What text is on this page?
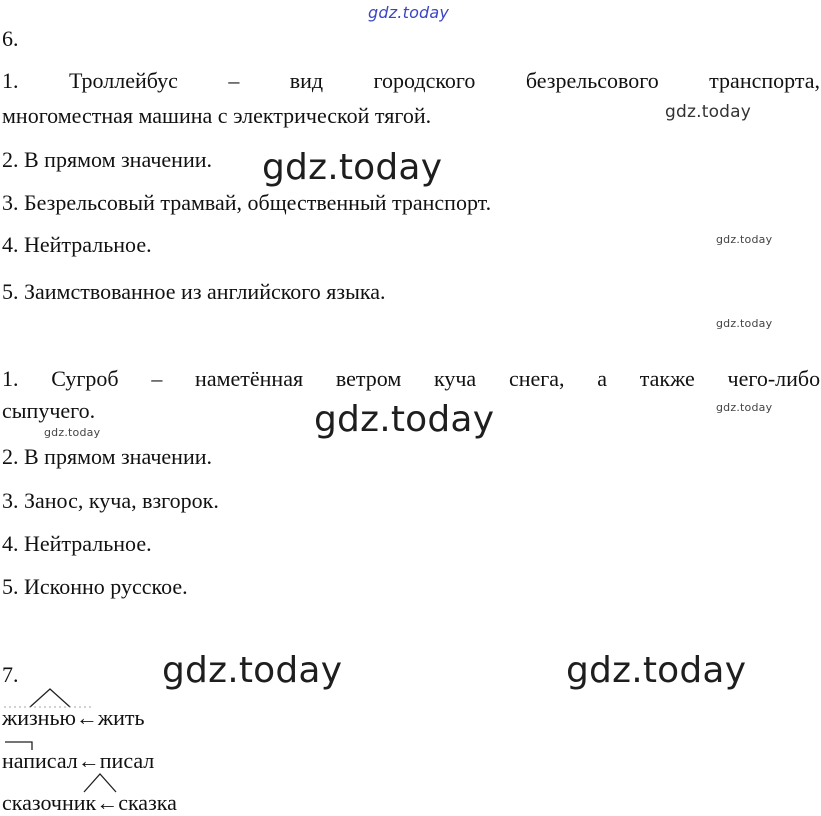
gdz.today
gdz.today
gdz.today
gdz.today
gdz.today
gdz.today
gdz.today	gdz.today
gdz.today	gdz.today
6.
1. Троллейбус – вид городского безрельсового транспорта,
многоместная машина с электрической тягой.
2. В прямом значении.
3. Безрельсовый трамвай, общественный транспорт.
4. Нейтральное.
5. Заимствованное из английского языка.
1. Сугроб – наметённая ветром куча снега, а также чего-либо
сыпучего.
2. В прямом значении.
3. Занос, куча, взгорок.
4. Нейтральное.
5. Исконно русское.
7.
жизнью←жить
написал←писал
сказочник←сказка
